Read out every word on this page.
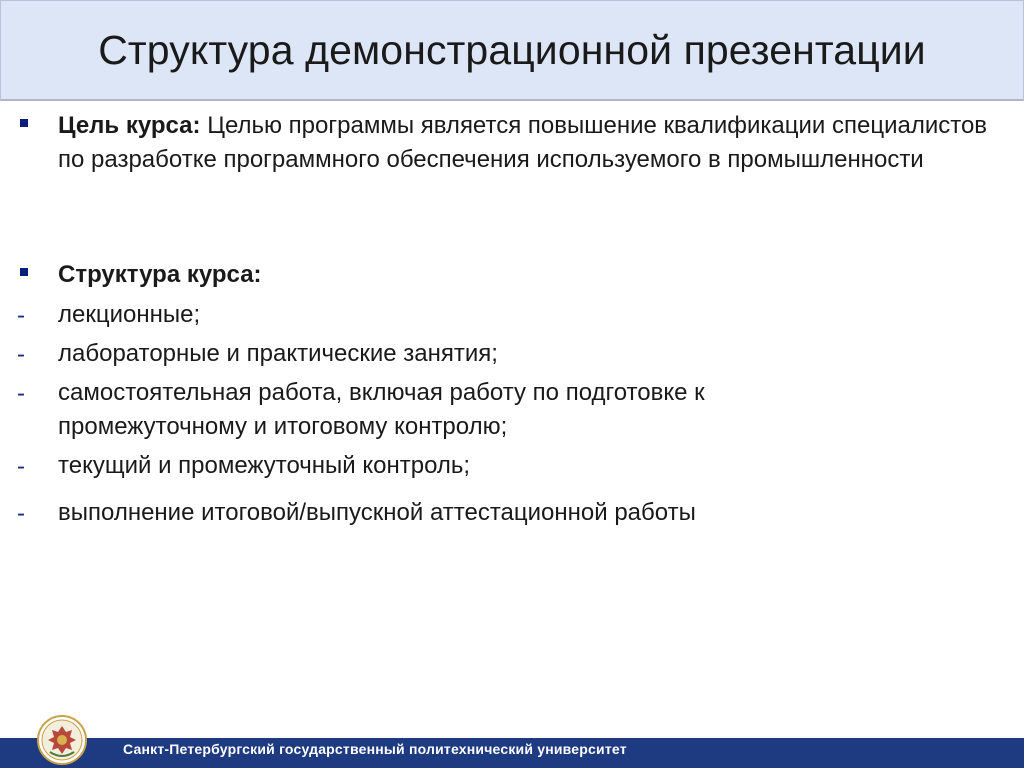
Структура демонстрационной презентации
Цель курса: Целью программы является повышение квалификации специалистов по разработке программного обеспечения используемого в промышленности
Структура курса:
- лекционные;
- лабораторные и практические занятия;
- самостоятельная работа, включая работу по подготовке к промежуточному и итоговому контролю;
- текущий и промежуточный контроль;
- выполнение итоговой/выпускной аттестационной работы
Санкт-Петербургский государственный политехнический университет
